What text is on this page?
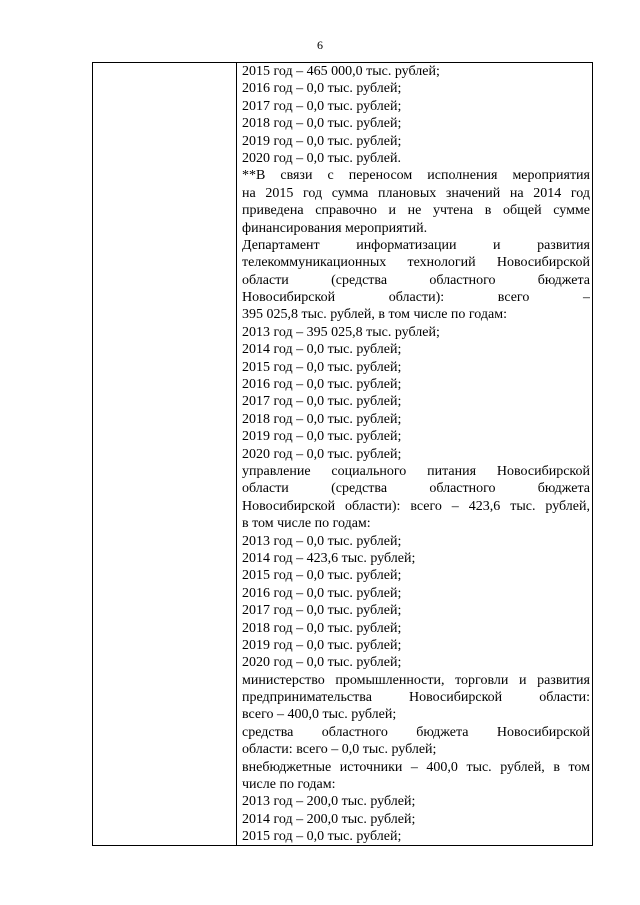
6
2015 год – 465 000,0 тыс. рублей;
2016 год – 0,0 тыс. рублей;
2017 год – 0,0 тыс. рублей;
2018 год – 0,0 тыс. рублей;
2019 год – 0,0 тыс. рублей;
2020 год – 0,0 тыс. рублей.
**В связи с переносом исполнения мероприятия
на 2015 год сумма плановых значений на 2014 год
приведена справочно и не учтена в общей сумме
финансирования мероприятий.
Департамент информатизации и развития
телекоммуникационных технологий Новосибирской
области (средства областного бюджета
Новосибирской области): всего –
395 025,8 тыс. рублей, в том числе по годам:
2013 год – 395 025,8 тыс. рублей;
2014 год – 0,0 тыс. рублей;
2015 год – 0,0 тыс. рублей;
2016 год – 0,0 тыс. рублей;
2017 год – 0,0 тыс. рублей;
2018 год – 0,0 тыс. рублей;
2019 год – 0,0 тыс. рублей;
2020 год – 0,0 тыс. рублей;
управление социального питания Новосибирской
области (средства областного бюджета
Новосибирской области): всего – 423,6 тыс. рублей,
в том числе по годам:
2013 год – 0,0 тыс. рублей;
2014 год – 423,6 тыс. рублей;
2015 год – 0,0 тыс. рублей;
2016 год – 0,0 тыс. рублей;
2017 год – 0,0 тыс. рублей;
2018 год – 0,0 тыс. рублей;
2019 год – 0,0 тыс. рублей;
2020 год – 0,0 тыс. рублей;
министерство промышленности, торговли и развития
предпринимательства Новосибирской области:
всего – 400,0 тыс. рублей;
средства областного бюджета Новосибирской
области: всего – 0,0 тыс. рублей;
внебюджетные источники – 400,0 тыс. рублей, в том
числе по годам:
2013 год – 200,0 тыс. рублей;
2014 год – 200,0 тыс. рублей;
2015 год – 0,0 тыс. рублей;
